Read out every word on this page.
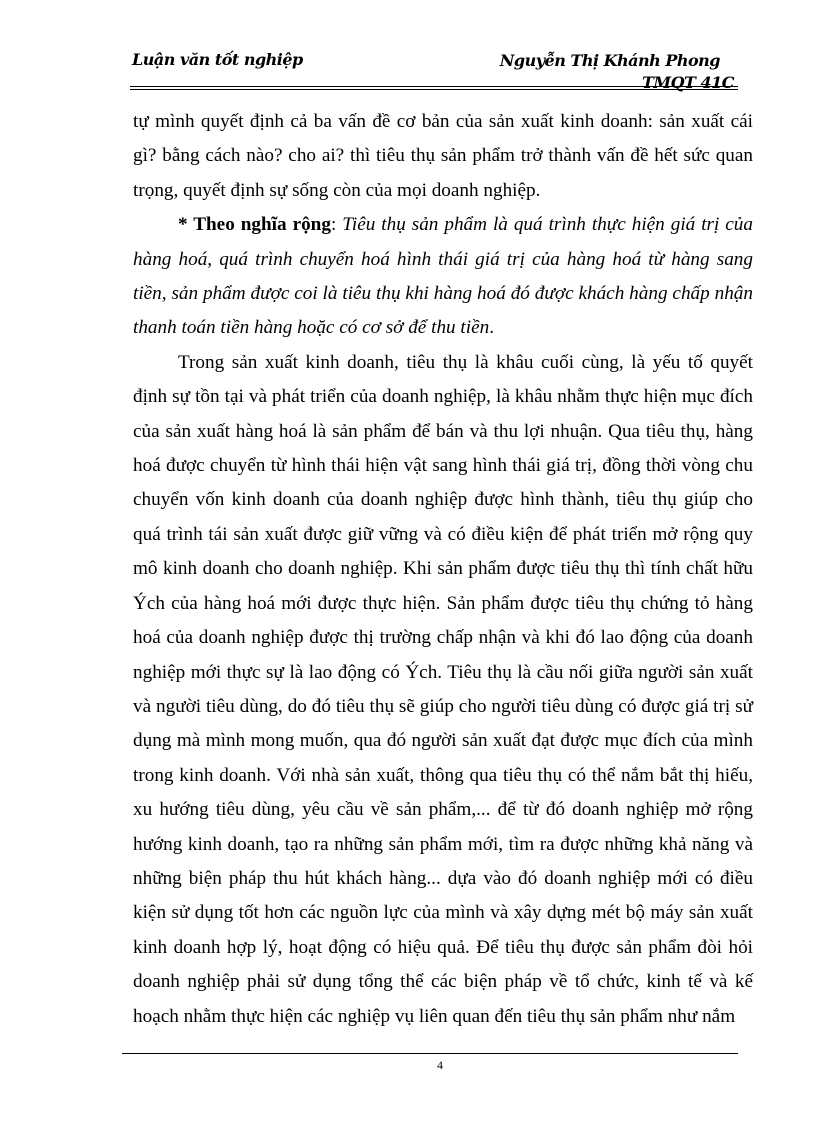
Luận văn tốt nghiệp	Nguyễn Thị Khánh Phong
TMQT 41C

tự mình quyết định cả ba vấn đề cơ bản của sản xuất kinh doanh: sản xuất cái gì? bằng cách nào? cho ai? thì tiêu thụ sản phẩm trở thành vấn đề hết sức quan trọng, quyết định sự sống còn của mọi doanh nghiệp.

* Theo nghĩa rộng: Tiêu thụ sản phẩm là quá trình thực hiện giá trị của hàng hoá, quá trình chuyển hoá hình thái giá trị của hàng hoá từ hàng sang tiền, sản phẩm được coi là tiêu thụ khi hàng hoá đó được khách hàng chấp nhận thanh toán tiền hàng hoặc có cơ sở để thu tiền.

Trong sản xuất kinh doanh, tiêu thụ là khâu cuối cùng, là yếu tố quyết định sự tồn tại và phát triển của doanh nghiệp, là khâu nhằm thực hiện mục đích của sản xuất hàng hoá là sản phẩm để bán và thu lợi nhuận. Qua tiêu thụ, hàng hoá được chuyển từ hình thái hiện vật sang hình thái giá trị, đồng thời vòng chu chuyển vốn kinh doanh của doanh nghiệp được hình thành, tiêu thụ giúp cho quá trình tái sản xuất được giữ vững và có điều kiện để phát triển mở rộng quy mô kinh doanh cho doanh nghiệp. Khi sản phẩm được tiêu thụ thì tính chất hữu Ých của hàng hoá mới được thực hiện. Sản phẩm được tiêu thụ chứng tỏ hàng hoá của doanh nghiệp được thị trường chấp nhận và khi đó lao động của doanh nghiệp mới thực sự là lao động có Ých. Tiêu thụ là cầu nối giữa người sản xuất và người tiêu dùng, do đó tiêu thụ sẽ giúp cho người tiêu dùng có được giá trị sử dụng mà mình mong muốn, qua đó người sản xuất đạt được mục đích của mình trong kinh doanh. Với nhà sản xuất, thông qua tiêu thụ có thể nắm bắt thị hiếu, xu hướng tiêu dùng, yêu cầu về sản phẩm,... để từ đó doanh nghiệp mở rộng hướng kinh doanh, tạo ra những sản phẩm mới, tìm ra được những khả năng và những biện pháp thu hút khách hàng... dựa vào đó doanh nghiệp mới có điều kiện sử dụng tốt hơn các nguồn lực của mình và xây dựng mét bộ máy sản xuất kinh doanh hợp lý, hoạt động có hiệu quả. Để tiêu thụ được sản phẩm đòi hỏi doanh nghiệp phải sử dụng tổng thể các biện pháp về tổ chức, kinh tế và kế hoạch nhằm thực hiện các nghiệp vụ liên quan đến tiêu thụ sản phẩm như nắm

4
